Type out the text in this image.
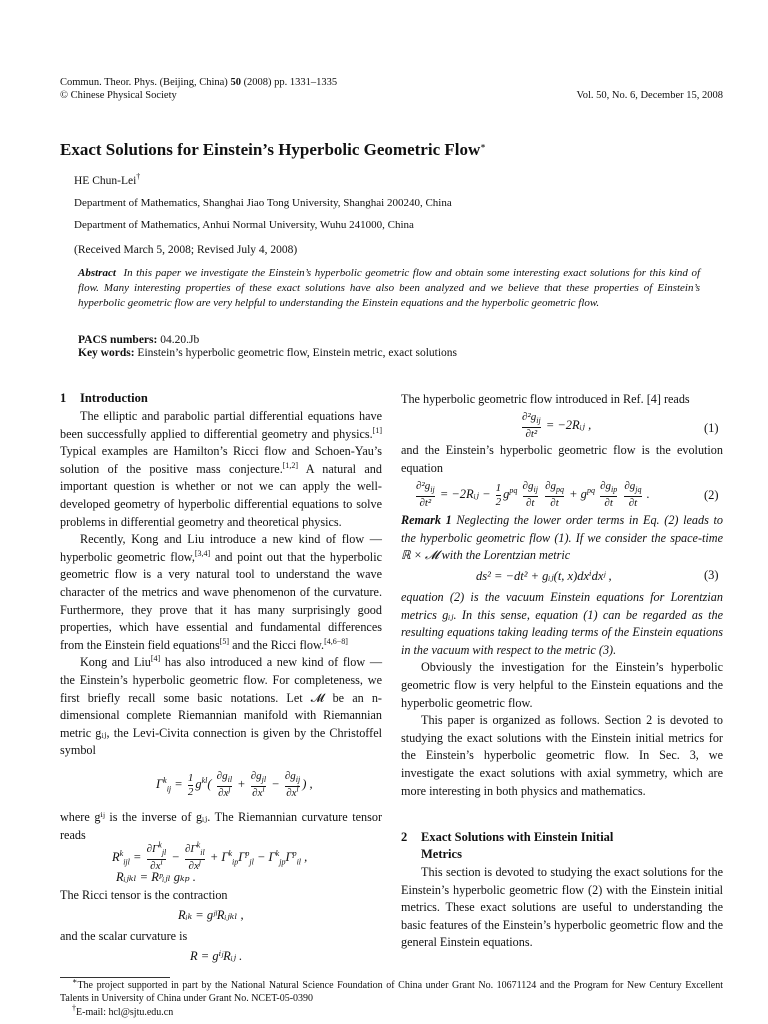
Commun. Theor. Phys. (Beijing, China) 50 (2008) pp. 1331–1335
© Chinese Physical Society	Vol. 50, No. 6, December 15, 2008
Exact Solutions for Einstein’s Hyperbolic Geometric Flow∗
HE Chun-Lei†
Department of Mathematics, Shanghai Jiao Tong University, Shanghai 200240, China
Department of Mathematics, Anhui Normal University, Wuhu 241000, China
(Received March 5, 2008; Revised July 4, 2008)
Abstract In this paper we investigate the Einstein’s hyperbolic geometric flow and obtain some interesting exact solutions for this kind of flow. Many interesting properties of these exact solutions have also been analyzed and we believe that these properties of Einstein’s hyperbolic geometric flow are very helpful to understanding the Einstein equations and the hyperbolic geometric flow.
PACS numbers: 04.20.Jb
Key words: Einstein’s hyperbolic geometric flow, Einstein metric, exact solutions
1 Introduction

The elliptic and parabolic partial differential equations have been successfully applied to differential geometry and physics.[1] Typical examples are Hamilton’s Ricci flow and Schoen-Yau’s solution of the positive mass conjecture.[1,2] A natural and important question is whether or not we can apply the well-developed geometry of hyperbolic differential equations to solve problems in differential geometry and theoretical physics.

Recently, Kong and Liu introduce a new kind of flow — hyperbolic geometric flow,[3,4] and point out that the hyperbolic geometric flow is a very natural tool to understand the wave character of the metrics and wave phenomenon of the curvature. Furthermore, they prove that it has many surprisingly good properties, which have essential and fundamental differences from the Einstein field equations[5] and the Ricci flow.[4,6−8]

Kong and Liu[4] has also introduced a new kind of flow — the Einstein’s hyperbolic geometric flow. For completeness, we first briefly recall some basic notations. Let 𝓜 be an n-dimensional complete Riemannian manifold with Riemannian metric gᵢⱼ, the Levi-Civita connection is given by the Christoffel symbol

$\Gamma^k_{ij} = \frac{1}{2} g^{kl}( \frac{\partial g_{il}}{\partial x^j} + \frac{\partial g_{jl}}{\partial x^i} - \frac{\partial g_{ij}}{\partial x^l}$ ) ,

where gⁱʲ is the inverse of gᵢⱼ. The Riemannian curvature tensor reads

$R^k_{ijl} = \frac{\partial\Gamma^k_{jl}}{\partial x^i} - \frac{\partial\Gamma^k_{il}}{\partial x^j} + \Gamma^k_{ip}\Gamma^p_{jl} - \Gamma^k_{jp}\Gamma^p_{il}$ ,
Rᵢⱼₖₗ = Rᵖᵢⱼₗ gₖₚ .

The Ricci tensor is the contraction

Rᵢₖ = gʲˡRᵢⱼₖₗ ,

and the scalar curvature is

R = gⁱʲRᵢⱼ .

The hyperbolic geometric flow introduced in Ref. [4] reads

$\frac{\partial^2g_{ij}}{\text{∂t²}}$ = −2Rᵢⱼ ,	(1)

and the Einstein’s hyperbolic geometric flow is the evolution equation

$\frac{\partial^2g_{ij}}{\text{∂t²}}$ = −2Rᵢⱼ − $\frac{1}{2} g^{pq} \frac{\partial g_{ij}}{\partial t}$
$\frac{\partial g_{pq}}{\partial t} + g^{pq} \frac{\partial g_{ip}}{\partial t}$
$\frac{\partial g_{jq}}{\partial t}$ .	(2)

Remark 1 Neglecting the lower order terms in Eq. (2) leads to the hyperbolic geometric flow (1). If we consider the space-time ℝ × 𝓜 with the Lorentzian metric

ds² = −dt² + gᵢⱼ(t, x)dxⁱdxʲ ,	(3)

equation (2) is the vacuum Einstein equations for Lorentzian metrics gᵢⱼ. In this sense, equation (1) can be regarded as the resulting equations taking leading terms of the Einstein equations in the vacuum with respect to the metric (3).

Obviously the investigation for the Einstein’s hyperbolic geometric flow is very helpful to the Einstein equations and the hyperbolic geometric flow.

This paper is organized as follows. Section 2 is devoted to studying the exact solutions with the Einstein initial metrics for the Einstein’s hyperbolic geometric flow. In Sec. 3, we investigate the exact solutions with axial symmetry, which are more interesting in both physics and mathematics.

2 Exact Solutions with Einstein Initial
Metrics

This section is devoted to studying the exact solutions for the Einstein’s hyperbolic geometric flow (2) with the Einstein initial metrics. These exact solutions are useful to understanding the basic features of the Einstein’s hyperbolic geometric flow and the general Einstein equations.

∗The project supported in part by the National Natural Science Foundation of China under Grant No. 10671124 and the Program for New Century Excellent Talents in University of China under Grant No. NCET-05-0390
†E-mail: hcl@sjtu.edu.cn
